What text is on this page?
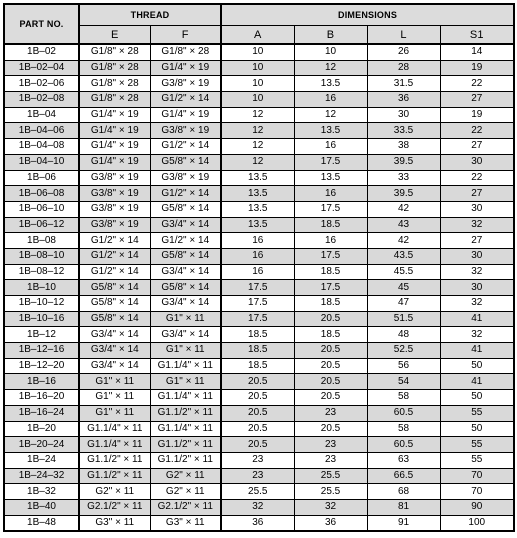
PART NO.	THREAD		DIMENSIONS			
	E	F	A	B	L	S1
1B–02	G1/8" × 28	G1/8" × 28	10	10	26	14
1B–02–04	G1/8" × 28	G1/4" × 19	10	12	28	19
1B–02–06	G1/8" × 28	G3/8" × 19	10	13.5	31.5	22
1B–02–08	G1/8" × 28	G1/2" × 14	10	16	36	27
1B–04	G1/4" × 19	G1/4" × 19	12	12	30	19
1B–04–06	G1/4" × 19	G3/8" × 19	12	13.5	33.5	22
1B–04–08	G1/4" × 19	G1/2" × 14	12	16	38	27
1B–04–10	G1/4" × 19	G5/8" × 14	12	17.5	39.5	30
1B–06	G3/8" × 19	G3/8" × 19	13.5	13.5	33	22
1B–06–08	G3/8" × 19	G1/2" × 14	13.5	16	39.5	27
1B–06–10	G3/8" × 19	G5/8" × 14	13.5	17.5	42	30
1B–06–12	G3/8" × 19	G3/4" × 14	13.5	18.5	43	32
1B–08	G1/2" × 14	G1/2" × 14	16	16	42	27
1B–08–10	G1/2" × 14	G5/8" × 14	16	17.5	43.5	30
1B–08–12	G1/2" × 14	G3/4" × 14	16	18.5	45.5	32
1B–10	G5/8" × 14	G5/8" × 14	17.5	17.5	45	30
1B–10–12	G5/8" × 14	G3/4" × 14	17.5	18.5	47	32
1B–10–16	G5/8" × 14	G1" × 11	17.5	20.5	51.5	41
1B–12	G3/4" × 14	G3/4" × 14	18.5	18.5	48	32
1B–12–16	G3/4" × 14	G1" × 11	18.5	20.5	52.5	41
1B–12–20	G3/4" × 14	G1.1/4" × 11	18.5	20.5	56	50
1B–16	G1" × 11	G1" × 11	20.5	20.5	54	41
1B–16–20	G1" × 11	G1.1/4" × 11	20.5	20.5	58	50
1B–16–24	G1" × 11	G1.1/2" × 11	20.5	23	60.5	55
1B–20	G1.1/4" × 11	G1.1/4" × 11	20.5	20.5	58	50
1B–20–24	G1.1/4" × 11	G1.1/2" × 11	20.5	23	60.5	55
1B–24	G1.1/2" × 11	G1.1/2" × 11	23	23	63	55
1B–24–32	G1.1/2" × 11	G2" × 11	23	25.5	66.5	70
1B–32	G2" × 11	G2" × 11	25.5	25.5	68	70
1B–40	G2.1/2" × 11	G2.1/2" × 11	32	32	81	90
1B–48	G3" × 11	G3" × 11	36	36	91	100
